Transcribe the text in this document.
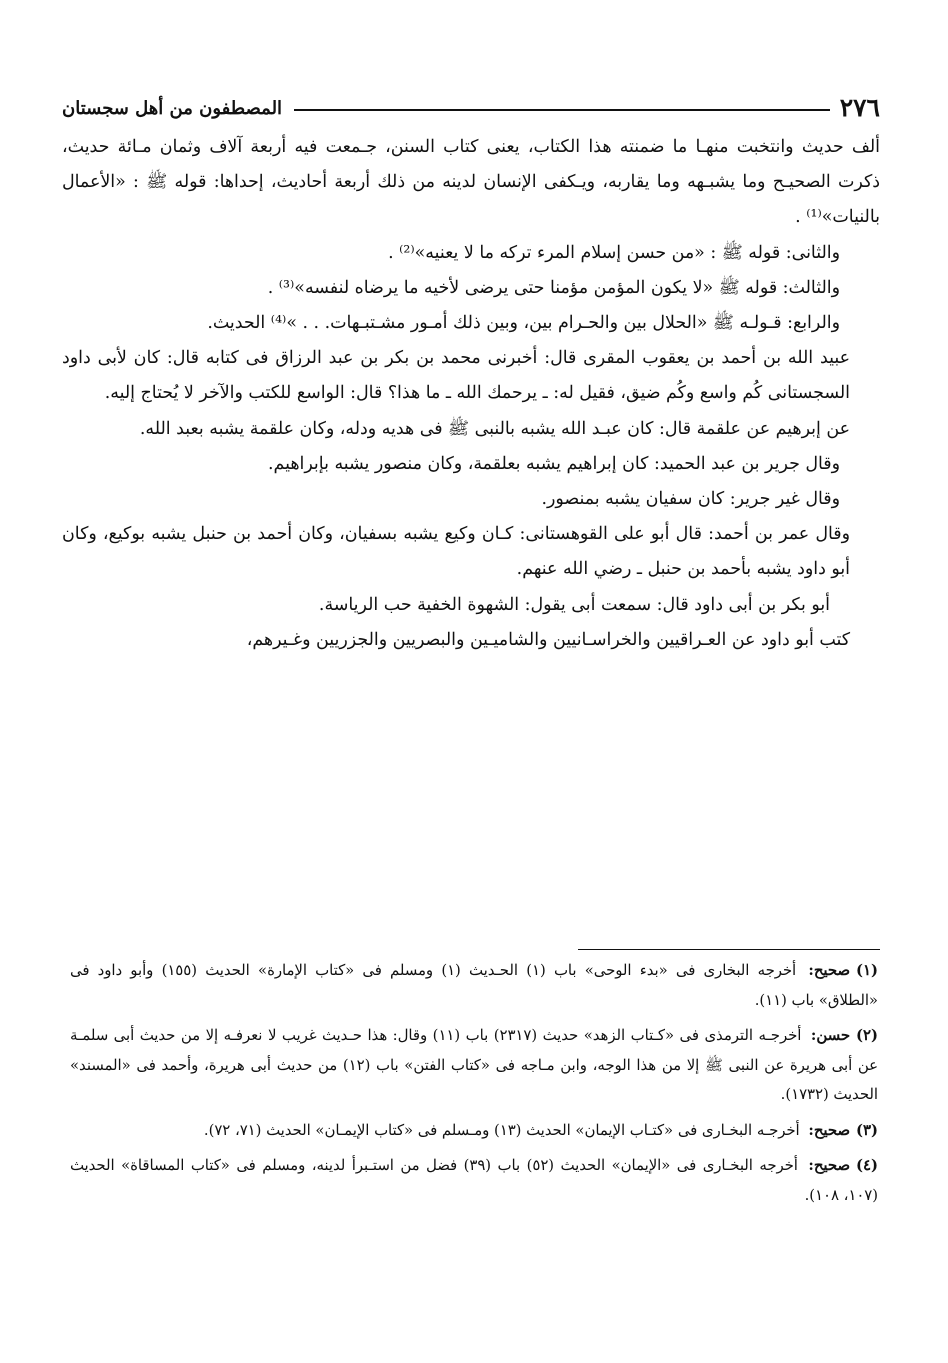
٢٧٦
المصطفون من أهل سجستان

ألف حديث وانتخبت منهـا ما ضمنته هذا الكتاب، يعنى كتاب السنن، جـمعت فيه أربعة آلاف وثمان مـائة حديث، ذكرت الصحيـح وما يشبـهه وما يقاربه، ويـكفى الإنسان لدينه من ذلك أربعة أحاديث، إحداها: قوله ﷺ : «الأعمال بالنيات»⁽¹⁾ .

والثانى: قوله ﷺ : «من حسن إسلام المرء تركه ما لا يعنيه»⁽²⁾ .

والثالث: قوله ﷺ «لا يكون المؤمن مؤمنا حتى يرضى لأخيه ما يرضاه لنفسه»⁽³⁾ .

والرابع: قـولـه ﷺ «الحلال بين والحـرام بين، وبين ذلك أمـور مشـتبـهات. . . »⁽⁴⁾ الحديث.

عبيد الله بن أحمد بن يعقوب المقرى قال: أخبرنى محمد بن بكر بن عبد الرزاق فى كتابه قال: كان لأبى داود السجستانى كُم واسع وكُم ضيق، فقيل له: ـ يرحمك الله ـ ما هذا؟ قال: الواسع للكتب والآخر لا يُحتاج إليه.

عن إبرهيم عن علقمة قال: كان عبـد الله يشبه بالنبى ﷺ فى هديه ودله، وكان علقمة يشبه بعبد الله.

وقال جرير بن عبد الحميد: كان إبراهيم يشبه بعلقمة، وكان منصور يشبه بإبراهيم.

وقال غير جرير: كان سفيان يشبه بمنصور.

وقال عمر بن أحمد: قال أبو على القوهستانى: كـان وكيع يشبه بسفيان، وكان أحمد بن حنبل يشبه بوكيع، وكان أبو داود يشبه بأحمد بن حنبل ـ رضي الله عنهم.

أبو بكر بن أبى داود قال: سمعت أبى يقول: الشهوة الخفية حب الرياسة.

كتب أبو داود عن العـراقيين والخراسـانيين والشاميـين والبصريين والجزريين وغـيرهم،

(١)صحيح: أخرجه البخارى فى «بدء الوحى» باب (١) الحـديث (١) ومسلم فى «كتاب الإمارة» الحديث (١٥٥) وأبو داود فى «الطلاق» باب (١١).

(٢)حسن: أخرجـه الترمذى فى «كـتاب الزهد» حديث (٢٣١٧) باب (١١) وقال: هذا حـديث غريب لا نعرفـه إلا من حديث أبى سلمـة عن أبى هريرة عن النبى ﷺ إلا من هذا الوجه، وابن مـاجه فى «كتاب الفتن» باب (١٢) من حديث أبى هريرة، وأحمد فى «المسند» الحديث (١٧٣٢).

(٣)صحيح: أخرجـه البخـارى فى «كتـاب الإيمان» الحديث (١٣) ومـسلم فى «كتاب الإيمـان» الحديث (٧١، ٧٢).

(٤)صحيح: أخرجه البخـارى فى «الإيمان» الحديث (٥٢) باب (٣٩) فضل من استـبرأ لدينه، ومسلم فى «كتاب المساقاة» الحديث (١٠٧، ١٠٨).
